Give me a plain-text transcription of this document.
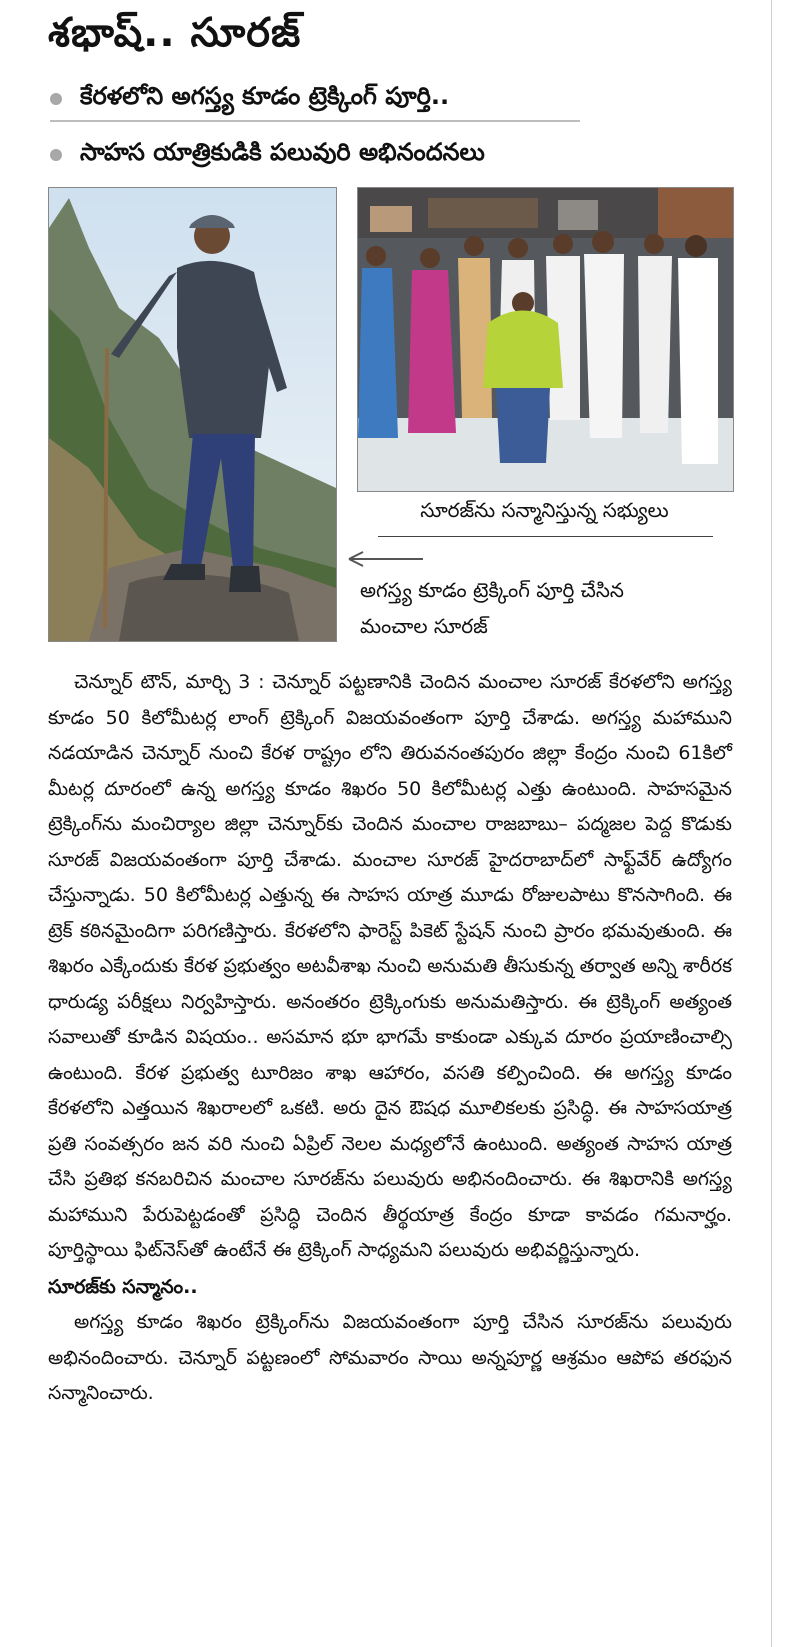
శభాష్.. సూరజ్
కేరళలోని అగస్త్య కూడం ట్రెక్కింగ్ పూర్తి..
సాహస యాత్రికుడికి పలువురి అభినందనలు
సూరజ్‌ను సన్మానిస్తున్న సభ్యులు
అగస్త్య కూడం ట్రెక్కింగ్ పూర్తి చేసిన
మంచాల సూరజ్

చెన్నూర్ టౌన్, మార్చి 3 : చెన్నూర్ పట్టణానికి చెందిన మంచాల సూరజ్ కేరళలోని అగస్త్య కూడం 50 కిలోమీటర్ల లాంగ్ ట్రెక్కింగ్ విజయవంతంగా పూర్తి చేశాడు. అగస్త్య మహాముని నడయాడిన చెన్నూర్ నుంచి కేరళ రాష్ట్రం లోని తిరువనంతపురం జిల్లా కేంద్రం నుంచి 61కిలో మీటర్ల దూరంలో ఉన్న అగస్త్య కూడం శిఖరం 50 కిలోమీటర్ల ఎత్తు ఉంటుంది. సాహసమైన ట్రెక్కింగ్‌ను మంచిర్యాల జిల్లా చెన్నూర్‌కు చెందిన మంచాల రాజబాబు– పద్మజల పెద్ద కొడుకు సూరజ్ విజయవంతంగా పూర్తి చేశాడు. మంచాల సూరజ్ హైదరాబాద్‌లో సాఫ్ట్‌వేర్ ఉద్యోగం చేస్తున్నాడు. 50 కిలోమీటర్ల ఎత్తున్న ఈ సాహస యాత్ర మూడు రోజులపాటు కొనసాగింది. ఈ ట్రెక్ కఠినమైందిగా పరిగణిస్తారు. కేరళలోని ఫారెస్ట్ పికెట్ స్టేషన్ నుంచి ప్రారం భమవుతుంది. ఈ శిఖరం ఎక్కేందుకు కేరళ ప్రభుత్వం అటవీశాఖ నుంచి అనుమతి తీసుకున్న తర్వాత అన్ని శారీరక ధారుడ్య పరీక్షలు నిర్వహిస్తారు. అనంతరం ట్రెక్కింగుకు అనుమతిస్తారు. ఈ ట్రెక్కింగ్ అత్యంత సవాలుతో కూడిన విషయం.. అసమాన భూ భాగమే కాకుండా ఎక్కువ దూరం ప్రయాణించాల్సి ఉంటుంది. కేరళ ప్రభుత్వ టూరిజం శాఖ ఆహారం, వసతి కల్పించింది. ఈ అగస్త్య కూడం కేరళలోని ఎత్తయిన శిఖరాలలో ఒకటి. అరు దైన ఔషధ మూలికలకు ప్రసిద్ధి. ఈ సాహసయాత్ర ప్రతి సంవత్సరం జన వరి నుంచి ఏప్రిల్ నెలల మధ్యలోనే ఉంటుంది. అత్యంత సాహస యాత్ర చేసి ప్రతిభ కనబరిచిన మంచాల సూరజ్‌ను పలువురు అభినందించారు. ఈ శిఖరానికి అగస్త్య మహాముని పేరుపెట్టడంతో ప్రసిద్ధి చెందిన తీర్థయాత్ర కేంద్రం కూడా కావడం గమనార్హం. పూర్తిస్థాయి ఫిట్‌నెస్‌తో ఉంటేనే ఈ ట్రెక్కింగ్ సాధ్యమని పలువురు అభివర్ణిస్తున్నారు.

సూరజ్‌కు సన్మానం..

అగస్త్య కూడం శిఖరం ట్రెక్కింగ్‌ను విజయవంతంగా పూర్తి చేసిన సూరజ్‌ను పలువురు అభినందించారు. చెన్నూర్ పట్టణంలో సోమవారం సాయి అన్నపూర్ణ ఆశ్రమం ఆపోప తరఫున సన్మానించారు.
